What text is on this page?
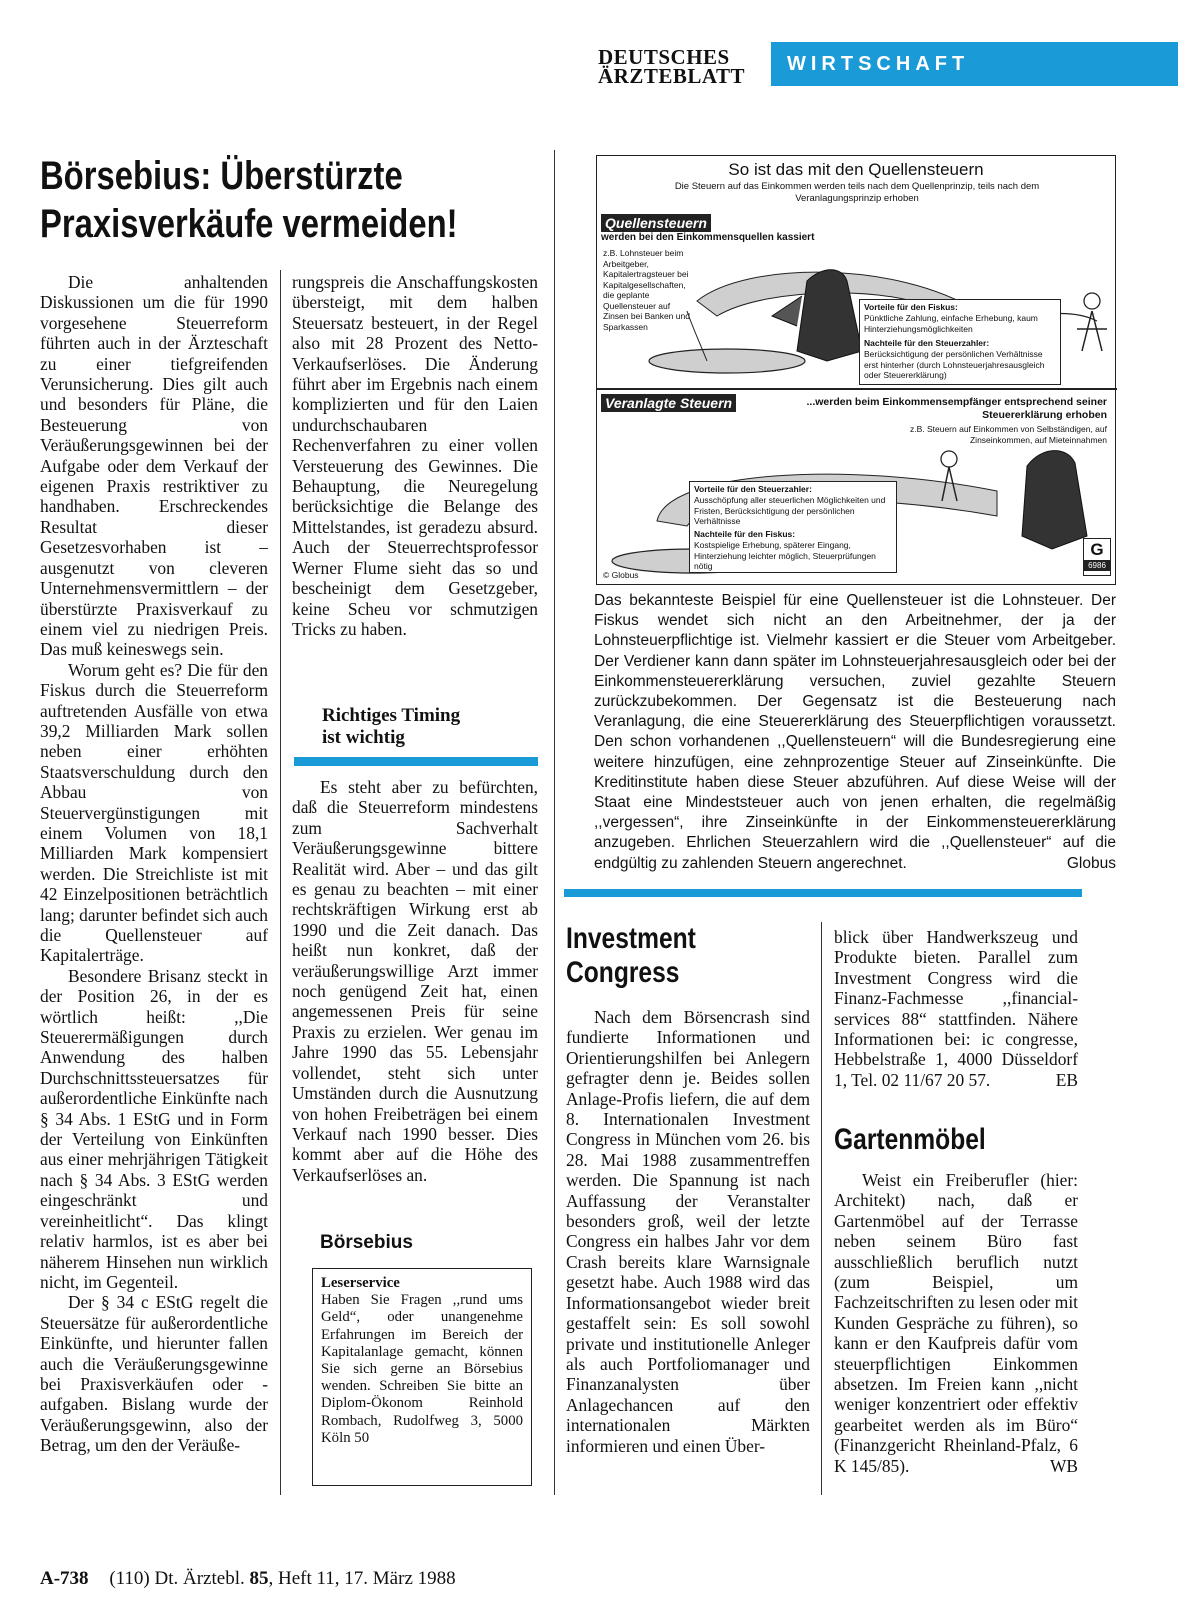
DEUTSCHES
ÄRZTEBLATT	WIRTSCHAFT
Börsebius: Überstürzte
Praxisverkäufe vermeiden!

Die anhaltenden Diskussionen um die für 1990 vorgesehene Steuerreform führten auch in der Ärzteschaft zu einer tiefgreifenden Verunsicherung. Dies gilt auch und besonders für Pläne, die Besteuerung von Veräußerungsgewinnen bei der Aufgabe oder dem Verkauf der eigenen Praxis restriktiver zu handhaben. Erschreckendes Resultat dieser Gesetzesvorhaben ist – ausgenutzt von cleveren Unternehmensvermittlern – der überstürzte Praxisverkauf zu einem viel zu niedrigen Preis. Das muß keineswegs sein.

Worum geht es? Die für den Fiskus durch die Steuerreform auftretenden Ausfälle von etwa 39,2 Milliarden Mark sollen neben einer erhöhten Staatsverschuldung durch den Abbau von Steuervergünstigungen mit einem Volumen von 18,1 Milliarden Mark kompensiert werden. Die Streichliste ist mit 42 Einzelpositionen beträchtlich lang; darunter befindet sich auch die Quellensteuer auf Kapitalerträge.

Besondere Brisanz steckt in der Position 26, in der es wörtlich heißt: ,,Die Steuerermäßigungen durch Anwendung des halben Durchschnittssteuersatzes für außerordentliche Einkünfte nach § 34 Abs. 1 EStG und in Form der Verteilung von Einkünften aus einer mehrjährigen Tätigkeit nach § 34 Abs. 3 EStG werden eingeschränkt und vereinheitlicht“. Das klingt relativ harmlos, ist es aber bei näherem Hinsehen nun wirklich nicht, im Gegenteil.

Der § 34 c EStG regelt die Steuersätze für außerordentliche Einkünfte, und hierunter fallen auch die Veräußerungsgewinne bei Praxisverkäufen oder -aufgaben. Bislang wurde der Veräußerungsgewinn, also der Betrag, um den der Veräuße-

rungspreis die Anschaffungskosten übersteigt, mit dem halben Steuersatz besteuert, in der Regel also mit 28 Prozent des Netto-Verkaufserlöses. Die Änderung führt aber im Ergebnis nach einem komplizierten und für den Laien undurchschaubaren Rechenverfahren zu einer vollen Versteuerung des Gewinnes. Die Behauptung, die Neuregelung berücksichtige die Belange des Mittelstandes, ist geradezu absurd. Auch der Steuerrechtsprofessor Werner Flume sieht das so und bescheinigt dem Gesetzgeber, keine Scheu vor schmutzigen Tricks zu haben.

Richtiges Timing
ist wichtig

Es steht aber zu befürchten, daß die Steuerreform mindestens zum Sachverhalt Veräußerungsgewinne bittere Realität wird. Aber – und das gilt es genau zu beachten – mit einer rechtskräftigen Wirkung erst ab 1990 und die Zeit danach. Das heißt nun konkret, daß der veräußerungswillige Arzt immer noch genügend Zeit hat, einen angemessenen Preis für seine Praxis zu erzielen. Wer genau im Jahre 1990 das 55. Lebensjahr vollendet, steht sich unter Umständen durch die Ausnutzung von hohen Freibeträgen bei einem Verkauf nach 1990 besser. Dies kommt aber auf die Höhe des Verkaufserlöses an.

Börsebius
Leserservice
Haben Sie Fragen ,,rund ums Geld“, oder unangenehme Erfahrungen im Bereich der Kapitalanlage gemacht, können Sie sich gerne an Börsebius wenden. Schreiben Sie bitte an Diplom-Ökonom Reinhold Rombach, Rudolfweg 3, 5000 Köln 50
So ist das mit den Quellensteuern
Die Steuern auf das Einkommen werden teils nach dem Quellenprinzip, teils nach dem Veranlagungsprinzip erhoben
Quellensteuern
werden bei den Einkommensquellen kassiert
z.B. Lohnsteuer beim Arbeitgeber, Kapitalertragsteuer bei Kapitalgesellschaften, die geplante Quellensteuer auf Zinsen bei Banken und Sparkassen
Vorteile für den Fiskus:
Pünktliche Zahlung, einfache Erhebung, kaum Hinterziehungsmöglichkeiten
Nachteile für den Steuerzahler:
Berücksichtigung der persönlichen Verhältnisse erst hinterher (durch Lohnsteuerjahresausgleich oder Steuererklärung)
Veranlagte Steuern	...werden beim Einkommensempfänger entsprechend seiner Steuererklärung erhoben
z.B. Steuern auf Einkommen von Selbständigen, auf Zinseinkommen, auf Mieteinnahmen
Vorteile für den Steuerzahler:
Ausschöpfung aller steuerlichen Möglichkeiten und Fristen, Berücksichtigung der persönlichen Verhältnisse
Nachteile für den Fiskus:
Kostspielige Erhebung, späterer Eingang, Hinterziehung leichter möglich, Steuerprüfungen nötig
© Globus
G
6986
Das bekannteste Beispiel für eine Quellensteuer ist die Lohnsteuer. Der Fiskus wendet sich nicht an den Arbeitnehmer, der ja der Lohnsteuerpflichtige ist. Vielmehr kassiert er die Steuer vom Arbeitgeber. Der Verdiener kann dann später im Lohnsteuerjahresausgleich oder bei der Einkommensteuererklärung versuchen, zuviel gezahlte Steuern zurückzubekommen. Der Gegensatz ist die Besteuerung nach Veranlagung, die eine Steuererklärung des Steuerpflichtigen voraussetzt. Den schon vorhandenen ,,Quellensteuern“ will die Bundesregierung eine weitere hinzufügen, eine zehnprozentige Steuer auf Zinseinkünfte. Die Kreditinstitute haben diese Steuer abzuführen. Auf diese Weise will der Staat eine Mindeststeuer auch von jenen erhalten, die regelmäßig ,,vergessen“, ihre Zinseinkünfte in der Einkommensteuererklärung anzugeben. Ehrlichen Steuerzahlern wird die ,,Quellensteuer“ auf die endgültig zu zahlenden Steuern angerechnet.	Globus
Investment
Congress

Nach dem Börsencrash sind fundierte Informationen und Orientierungshilfen bei Anlegern gefragter denn je. Beides sollen Anlage-Profis liefern, die auf dem 8. Internationalen Investment Congress in München vom 26. bis 28. Mai 1988 zusammentreffen werden. Die Spannung ist nach Auffassung der Veranstalter besonders groß, weil der letzte Congress ein halbes Jahr vor dem Crash bereits klare Warnsignale gesetzt habe. Auch 1988 wird das Informationsangebot wieder breit gestaffelt sein: Es soll sowohl private und institutionelle Anleger als auch Portfoliomanager und Finanzanalysten über Anlagechancen auf den internationalen Märkten informieren und einen Über-

blick über Handwerkszeug und Produkte bieten. Parallel zum Investment Congress wird die Finanz-Fachmesse ,,financial-services 88“ stattfinden. Nähere Informationen bei: ic congresse, Hebbelstraße 1, 4000 Düsseldorf 1, Tel. 02 11/67 20 57.	EB

Gartenmöbel

Weist ein Freiberufler (hier: Architekt) nach, daß er Gartenmöbel auf der Terrasse neben seinem Büro fast ausschließlich beruflich nutzt (zum Beispiel, um Fachzeitschriften zu lesen oder mit Kunden Gespräche zu führen), so kann er den Kaufpreis dafür vom steuerpflichtigen Einkommen absetzen. Im Freien kann ,,nicht weniger konzentriert oder effektiv gearbeitet werden als im Büro“ (Finanzgericht Rheinland-Pfalz, 6 K 145/85).	WB

A-738 (110) Dt. Ärztebl. 85, Heft 11, 17. März 1988
